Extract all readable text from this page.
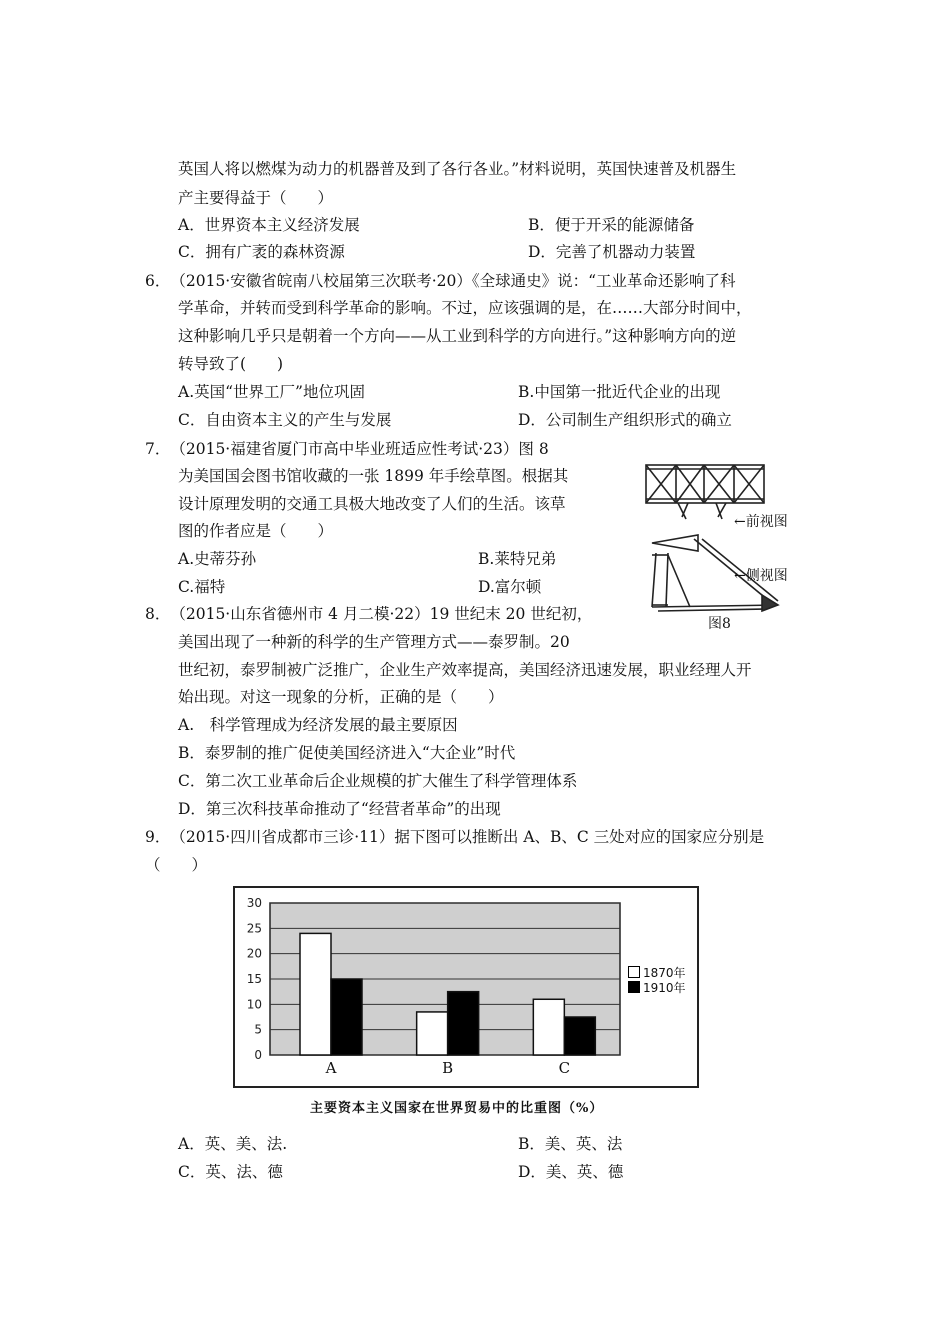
英国人将以燃煤为动力的机器普及到了各行各业。”材料说明，英国快速普及机器生
产主要得益于（　　）
A．世界资本主义经济发展	B．便于开采的能源储备
C．拥有广袤的森林资源	D．完善了机器动力装置
6．　（2015·安徽省皖南八校届第三次联考·20）《全球通史》说：“工业革命还影响了科
学革命，并转而受到科学革命的影响。不过，应该强调的是，在……大部分时间中，
这种影响几乎只是朝着一个方向——从工业到科学的方向进行。”这种影响方向的逆
转导致了(　　)
A.英国“世界工厂”地位巩固	B.中国第一批近代企业的出现
C．自由资本主义的产生与发展	D．公司制生产组织形式的确立
7．　（2015·福建省厦门市高中毕业班适应性考试·23）图 8
为美国国会图书馆收藏的一张 1899 年手绘草图。根据其
设计原理发明的交通工具极大地改变了人们的生活。该草
图的作者应是（　　）
A.史蒂芬孙	B.莱特兄弟
C.福特	D.富尔顿
←前视图
←侧视图
图8
8．　（2015·山东省德州市 4 月二模·22）19 世纪末 20 世纪初，
美国出现了一种新的科学的生产管理方式——泰罗制。20
世纪初，泰罗制被广泛推广，企业生产效率提高，美国经济迅速发展，职业经理人开
始出现。对这一现象的分析，正确的是（　　）
A.　科学管理成为经济发展的最主要原因
B．泰罗制的推广促使美国经济进入“大企业”时代
C．第二次工业革命后企业规模的扩大催生了科学管理体系
D．第三次科技革命推动了“经营者革命”的出现
9．　（2015·四川省成都市三诊·11）据下图可以推断出 A、B、C 三处对应的国家应分别是
（　　）
0
5
10
15
20
25
30
A	B	C
1870年
1910年
主要资本主义国家在世界贸易中的比重图（%）
A．英、美、法.	B．美、英、法
C．英、法、德	D．美、英、德
